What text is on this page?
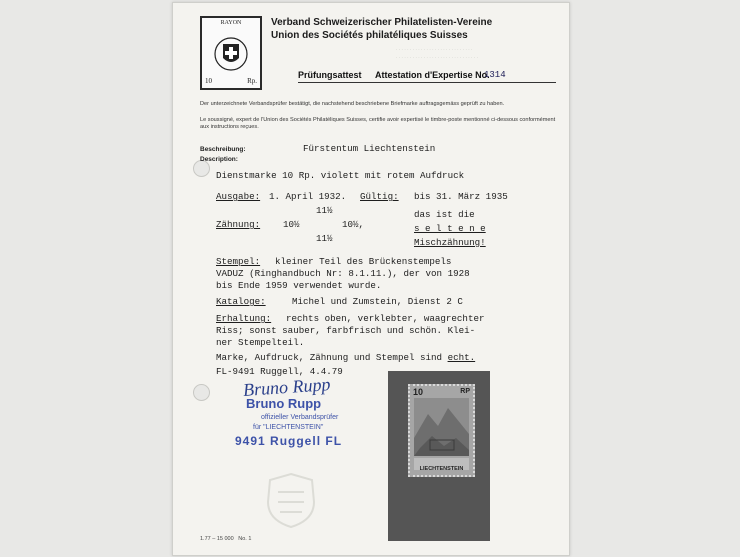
RAYON
10	Rp.
Verband Schweizerischer Philatelisten-Vereine
Union des Sociétés philatéliques Suisses
. . . . . . . . . . . . . . . . . . . . . . . . . . . .
. . . . . . . . . . . . . . . . . . . . . . . . . . . . . .
Prüfungsattest Attestation d'Expertise No.
1314
Der unterzeichnete Verbandsprüfer bestätigt, die nachstehend beschriebene Briefmarke auftragsgemäss geprüft zu haben.
Le soussigné, expert de l'Union des Sociétés Philatéliques Suisses, certifie avoir expertisé le timbre-poste mentionné ci-dessous conformément aux instructions reçues.
Beschreibung:
Description:
Fürstentum Liechtenstein
Dienstmarke 10 Rp. violett mit rotem Aufdruck
Ausgabe: 1. April 1932. Gültig: bis 31. März 1935
11½
Zähnung: 10½	10½,
11½
das ist die
s e l t e n e
Mischzähnung!
Stempel: kleiner Teil des Brückenstempels
VADUZ (Ringhandbuch Nr: 8.1.11.), der von 1928
bis Ende 1959 verwendet wurde.
Kataloge:	Michel und Zumstein, Dienst 2 C
Erhaltung: rechts oben, verklebter, waagrechter
Riss; sonst sauber, farbfrisch und schön. Klei-
ner Stempelteil.
Marke, Aufdruck, Zähnung und Stempel sind echt.
FL-9491 Ruggell, 4.4.79
Bruno Rupp
Bruno Rupp
offizieller Verbandsprüfer
für "LIECHTENSTEIN"
9491 Ruggell FL
10	RP
LIECHTENSTEIN
1.77 – 15 000 No. 1
